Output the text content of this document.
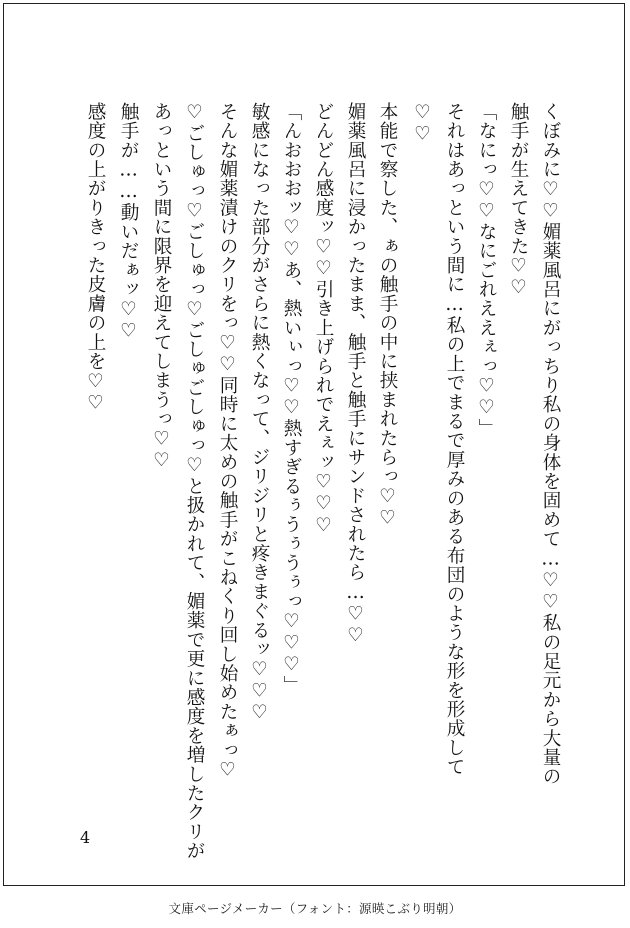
くぼみに♡♡媚薬風呂にがっちり私の身体を固めて…♡♡私の足元から大量の
触手が生えてきた♡♡
「なにっ♡♡なにごれええぇっ♡♡」
それはあっという間に…私の上でまるで厚みのある布団のような形を形成して
♡♡
本能で察した、ぁの触手の中に挟まれたらっ♡♡
媚薬風呂に浸かったまま、触手と触手にサンドされたら…♡♡
どんどん感度ッ♡♡引き上げられでえぇッ♡♡♡
「んおおおッ♡♡あ、熱いぃっ♡♡熱すぎるぅうぅうぅっ♡♡♡」
敏感になった部分がさらに熱くなって、ジリジリと疼きまぐるッ♡♡♡
そんな媚薬漬けのクリをっ♡♡同時に太めの触手がこねくり回し始めたぁっ♡
♡ごしゅっ♡ごしゅっ♡ごしゅごしゅっ♡と扱かれて、媚薬で更に感度を増したクリが
あっという間に限界を迎えてしまうっ♡♡
触手が……動いだぁッ♡♡
感度の上がりきった皮膚の上を♡♡
4
文庫ページメーカー（フォント：源暎こぶり明朝）
